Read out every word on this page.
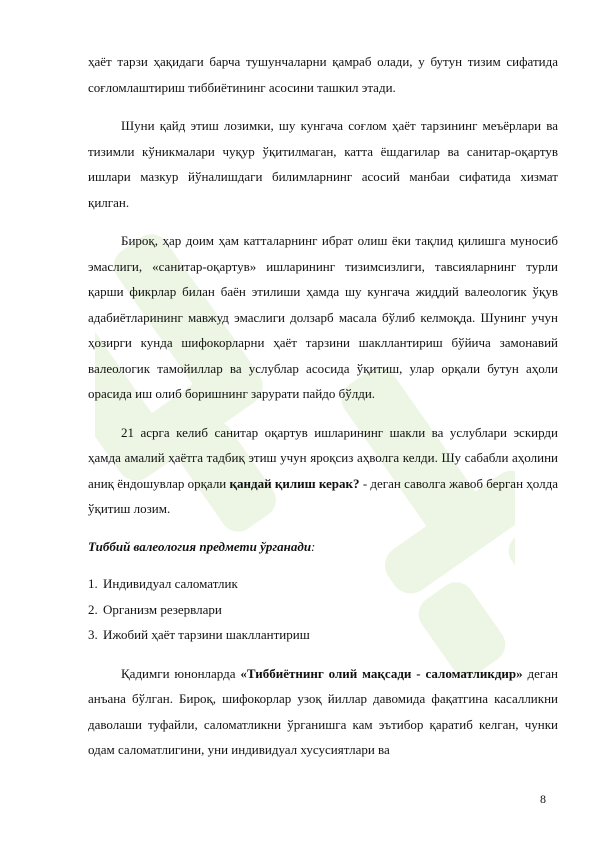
ҳаёт тарзи ҳақидаги барча тушунчаларни қамраб олади, у бутун тизим сифатида соғломлаштириш тиббиётининг асосини ташкил этади.

Шуни қайд этиш лозимки, шу кунгача соғлом ҳаёт тарзининг меъёрлари ва тизимли кўникмалари чуқур ўқитилмаган, катта ёшдагилар ва санитар-оқартув ишлари мазкур йўналишдаги билимларнинг асосий манбаи сифатида хизмат қилган.

Бироқ, ҳар доим ҳам катталарнинг ибрат олиш ёки тақлид қилишга муносиб эмаслиги, «санитар-оқартув» ишларининг тизимсизлиги, тавсияларнинг турли қарши фикрлар билан баён этилиши ҳамда шу кунгача жиддий валеологик ўқув адабиётларининг мавжуд эмаслиги долзарб масала бўлиб келмоқда. Шунинг учун ҳозирги кунда шифокорларни ҳаёт тарзини шакллантириш бўйича замонавий валеологик тамойиллар ва услублар асосида ўқитиш, улар орқали бутун аҳоли орасида иш олиб боришнинг зарурати пайдо бўлди.

21 асрга келиб санитар оқартув ишларининг шакли ва услублари эскирди ҳамда амалий ҳаётга тадбиқ этиш учун яроқсиз аҳволга келди. Шу сабабли аҳолини аниқ ёндошувлар орқали қандай қилиш керак? - деган саволга жавоб берган ҳолда ўқитиш лозим.

Тиббий валеология предмети ўрганади:

1. Индивидуал саломатлик
2. Организм резервлари
3. Ижобий ҳаёт тарзини шакллантириш

Қадимги юнонларда «Тиббиётнинг олий мақсади - саломатликдир» деган анъана бўлган. Бироқ, шифокорлар узоқ йиллар давомида фақатгина касалликни даволаши туфайли, саломатликни ўрганишга кам эътибор қаратиб келган, чунки одам саломатлигини, уни индивидуал хусусиятлари ва

8
